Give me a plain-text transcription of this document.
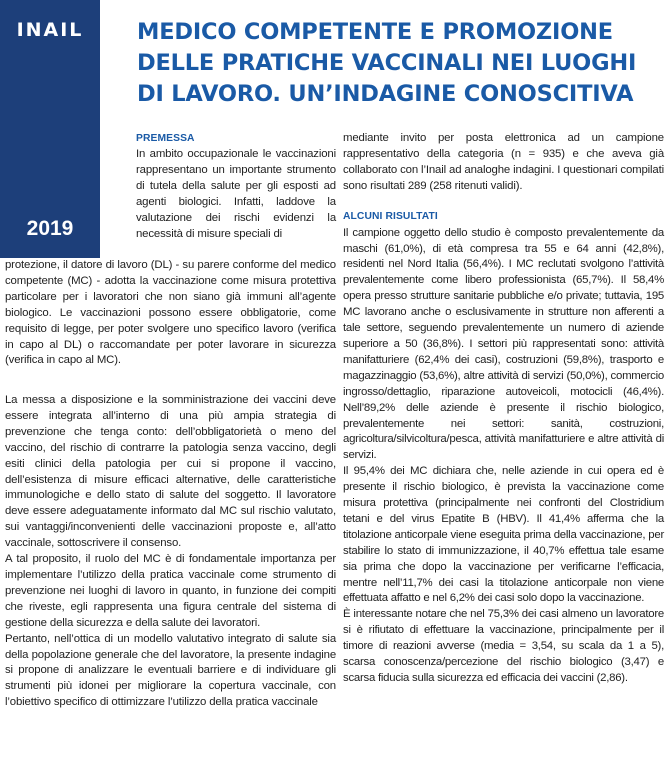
INAIL
2019
MEDICO COMPETENTE E PROMOZIONE DELLE PRATICHE VACCINALI NEI LUOGHI DI LAVORO. UN’INDAGINE CONOSCITIVA
PREMESSA

In ambito occupazionale le vaccinazioni rappresentano un importante strumento di tutela della salute per gli esposti ad agenti biologici. Infatti, laddove la valutazione dei rischi evidenzi la necessità di misure speciali di

protezione, il datore di lavoro (DL) - su parere conforme del medico competente (MC) - adotta la vaccinazione come misura protettiva particolare per i lavoratori che non siano già immuni all’agente biologico. Le vaccinazioni possono essere obbligatorie, come requisito di legge, per poter svolgere uno specifico lavoro (verifica in capo al DL) o raccomandate per poter lavorare in sicurezza (verifica in capo al MC).

La messa a disposizione e la somministrazione dei vaccini deve essere integrata all’interno di una più ampia strategia di prevenzione che tenga conto: dell’obbligatorietà o meno del vaccino, del rischio di contrarre la patologia senza vaccino, degli esiti clinici della patologia per cui si propone il vaccino, dell’esistenza di misure efficaci alternative, delle caratteristiche immunologiche e dello stato di salute del soggetto. Il lavoratore deve essere adeguatamente informato dal MC sul rischio valutato, sui vantaggi/inconvenienti delle vaccinazioni proposte e, all’atto vaccinale, sottoscrivere il consenso.

A tal proposito, il ruolo del MC è di fondamentale importanza per implementare l’utilizzo della pratica vaccinale come strumento di prevenzione nei luoghi di lavoro in quanto, in funzione dei compiti che riveste, egli rappresenta una figura centrale del sistema di gestione della sicurezza e della salute dei lavoratori.

Pertanto, nell’ottica di un modello valutativo integrato di salute sia della popolazione generale che del lavoratore, la presente indagine si propone di analizzare le eventuali barriere e di individuare gli strumenti più idonei per migliorare la copertura vaccinale, con l’obiettivo specifico di ottimizzare l’utilizzo della pratica vaccinale

mediante invito per posta elettronica ad un campione rappresentativo della categoria (n = 935) e che aveva già collaborato con l’Inail ad analoghe indagini. I questionari compilati sono risultati 289 (258 ritenuti validi).

ALCUNI RISULTATI

Il campione oggetto dello studio è composto prevalentemente da maschi (61,0%), di età compresa tra 55 e 64 anni (42,8%), residenti nel Nord Italia (56,4%). I MC reclutati svolgono l’attività prevalentemente come libero professionista (65,7%). Il 58,4% opera presso strutture sanitarie pubbliche e/o private; tuttavia, 195 MC lavorano anche o esclusivamente in strutture non afferenti a tale settore, seguendo prevalentemente un numero di aziende superiore a 50 (36,8%). I settori più rappresentati sono: attività manifatturiere (62,4% dei casi), costruzioni (59,8%), trasporto e magazzinaggio (53,6%), altre attività di servizi (50,0%), commercio ingrosso/dettaglio, riparazione autoveicoli, motocicli (46,4%). Nell’89,2% delle aziende è presente il rischio biologico, prevalentemente nei settori: sanità, costruzioni, agricoltura/silvicoltura/pesca, attività manifatturiere e altre attività di servizi.

Il 95,4% dei MC dichiara che, nelle aziende in cui opera ed è presente il rischio biologico, è prevista la vaccinazione come misura protettiva (principalmente nei confronti del Clostridium tetani e del virus Epatite B (HBV). Il 41,4% afferma che la titolazione anticorpale viene eseguita prima della vaccinazione, per stabilire lo stato di immunizzazione, il 40,7% effettua tale esame sia prima che dopo la vaccinazione per verificarne l’efficacia, mentre nell’11,7% dei casi la titolazione anticorpale non viene effettuata affatto e nel 6,2% dei casi solo dopo la vaccinazione.

È interessante notare che nel 75,3% dei casi almeno un lavoratore si è rifiutato di effettuare la vaccinazione, principalmente per il timore di reazioni avverse (media = 3,54, su scala da 1 a 5), scarsa conoscenza/percezione del rischio biologico (3,47) e scarsa fiducia sulla sicurezza ed efficacia dei vaccini (2,86).
